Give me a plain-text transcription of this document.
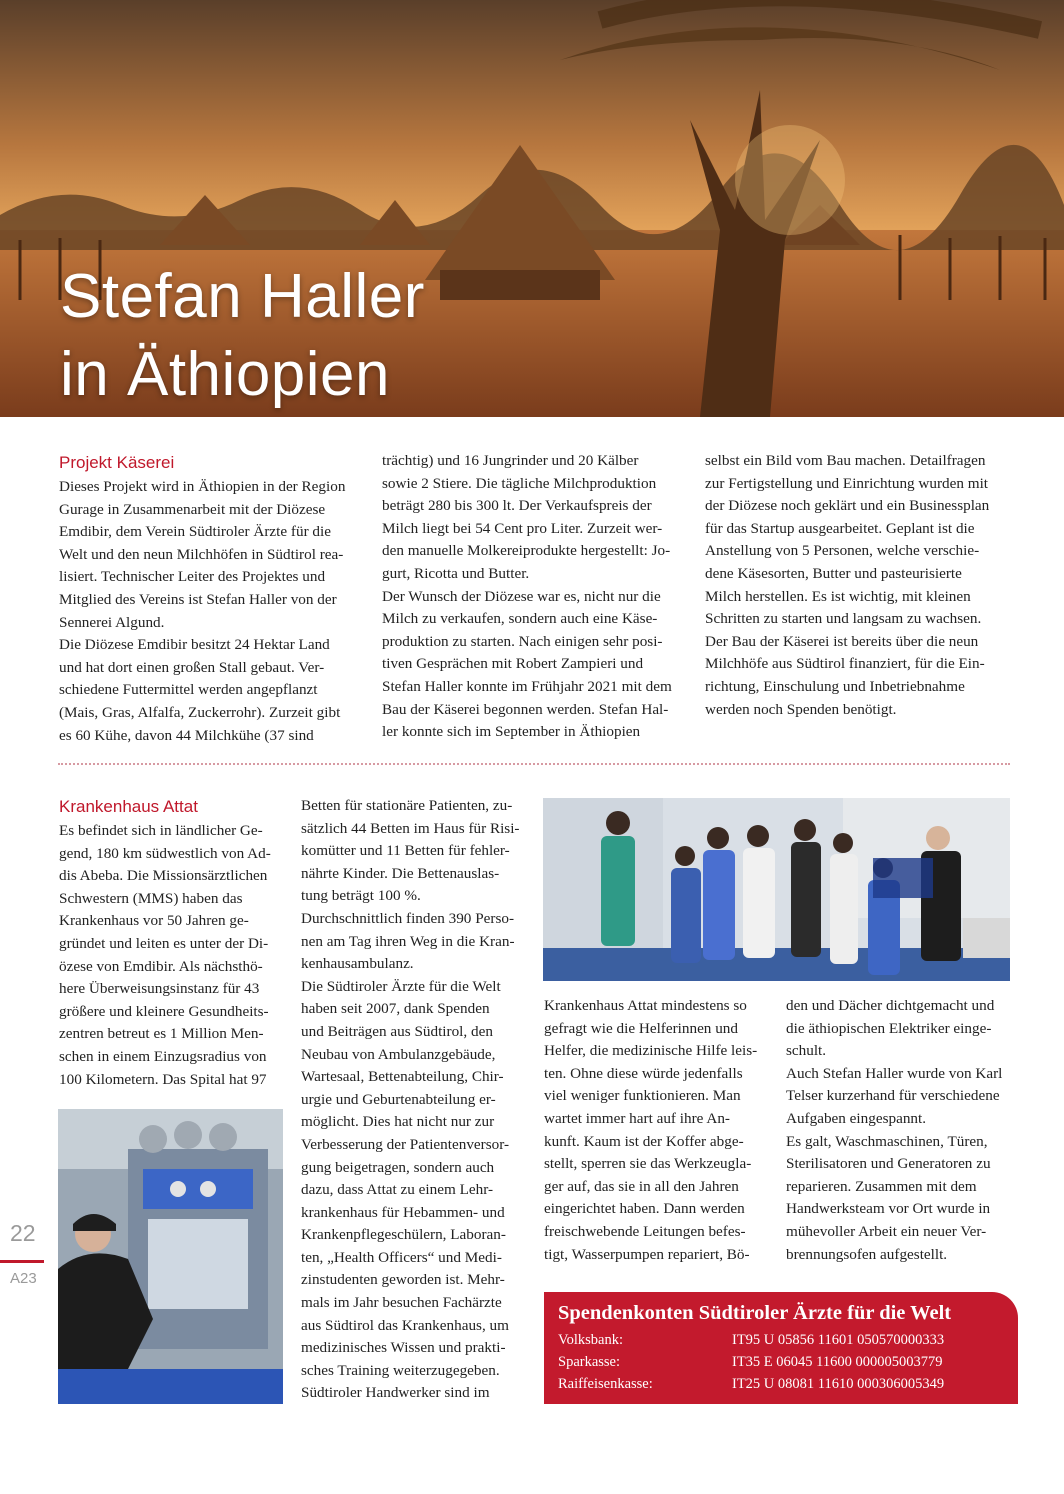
Stefan Haller
in Äthiopien
Projekt Käserei

Dieses Projekt wird in Äthiopien in der Region

Gurage in Zusammenarbeit mit der Diözese

Emdibir, dem Verein Südtiroler Ärzte für die

Welt und den neun Milchhöfen in Südtirol rea-

lisiert. Technischer Leiter des Projektes und

Mitglied des Vereins ist Stefan Haller von der

Sennerei Algund.

Die Diözese Emdibir besitzt 24 Hektar Land

und hat dort einen großen Stall gebaut. Ver-

schiedene Futtermittel werden angepflanzt

(Mais, Gras, Alfalfa, Zuckerrohr). Zurzeit gibt

es 60 Kühe, davon 44 Milchkühe (37 sind

trächtig) und 16 Jungrinder und 20 Kälber

sowie 2 Stiere. Die tägliche Milchproduktion

beträgt 280 bis 300 lt. Der Verkaufspreis der

Milch liegt bei 54 Cent pro Liter. Zurzeit wer-

den manuelle Molkereiprodukte hergestellt: Jo-

gurt, Ricotta und Butter.

Der Wunsch der Diözese war es, nicht nur die

Milch zu verkaufen, sondern auch eine Käse-

produktion zu starten. Nach einigen sehr posi-

tiven Gesprächen mit Robert Zampieri und

Stefan Haller konnte im Frühjahr 2021 mit dem

Bau der Käserei begonnen werden. Stefan Hal-

ler konnte sich im September in Äthiopien

selbst ein Bild vom Bau machen. Detailfragen

zur Fertigstellung und Einrichtung wurden mit

der Diözese noch geklärt und ein Businessplan

für das Startup ausgearbeitet. Geplant ist die

Anstellung von 5 Personen, welche verschie-

dene Käsesorten, Butter und pasteurisierte

Milch herstellen. Es ist wichtig, mit kleinen

Schritten zu starten und langsam zu wachsen.

Der Bau der Käserei ist bereits über die neun

Milchhöfe aus Südtirol finanziert, für die Ein-

richtung, Einschulung und Inbetriebnahme

werden noch Spenden benötigt.

Krankenhaus Attat

Es befindet sich in ländlicher Ge-

gend, 180 km südwestlich von Ad-

dis Abeba. Die Missionsärztlichen

Schwestern (MMS) haben das

Krankenhaus vor 50 Jahren ge-

gründet und leiten es unter der Di-

özese von Emdibir. Als nächsthö-

here Überweisungsinstanz für 43

größere und kleinere Gesundheits-

zentren betreut es 1 Million Men-

schen in einem Einzugsradius von

100 Kilometern. Das Spital hat 97

Betten für stationäre Patienten, zu-

sätzlich 44 Betten im Haus für Risi-

komütter und 11 Betten für fehler-

nährte Kinder. Die Bettenauslas-

tung beträgt 100 %.

Durchschnittlich finden 390 Perso-

nen am Tag ihren Weg in die Kran-

kenhausambulanz.

Die Südtiroler Ärzte für die Welt

haben seit 2007, dank Spenden

und Beiträgen aus Südtirol, den

Neubau von Ambulanzgebäude,

Wartesaal, Bettenabteilung, Chir-

urgie und Geburtenabteilung er-

möglicht. Dies hat nicht nur zur

Verbesserung der Patientenversor-

gung beigetragen, sondern auch

dazu, dass Attat zu einem Lehr-

krankenhaus für Hebammen- und

Krankenpflegeschülern, Laboran-

ten, „Health Officers“ und Medi-

zinstudenten geworden ist. Mehr-

mals im Jahr besuchen Fachärzte

aus Südtirol das Krankenhaus, um

medizinisches Wissen und prakti-

sches Training weiterzugegeben.

Südtiroler Handwerker sind im

Krankenhaus Attat mindestens so

gefragt wie die Helferinnen und

Helfer, die medizinische Hilfe leis-

ten. Ohne diese würde jedenfalls

viel weniger funktionieren. Man

wartet immer hart auf ihre An-

kunft. Kaum ist der Koffer abge-

stellt, sperren sie das Werkzeugla-

ger auf, das sie in all den Jahren

eingerichtet haben. Dann werden

freischwebende Leitungen befes-

tigt, Wasserpumpen repariert, Bö-

den und Dächer dichtgemacht und

die äthiopischen Elektriker einge-

schult.

Auch Stefan Haller wurde von Karl

Telser kurzerhand für verschiedene

Aufgaben eingespannt.

Es galt, Waschmaschinen, Türen,

Sterilisatoren und Generatoren zu

reparieren. Zusammen mit dem

Handwerksteam vor Ort wurde in

mühevoller Arbeit ein neuer Ver-

brennungsofen aufgestellt.

22
A23
Spendenkonten Südtiroler Ärzte für die Welt
Volksbank:	IT95 U 05856 11601 050570000333
Sparkasse:	IT35 E 06045 11600 000005003779
Raiffeisenkasse:	IT25 U 08081 11610 000306005349
